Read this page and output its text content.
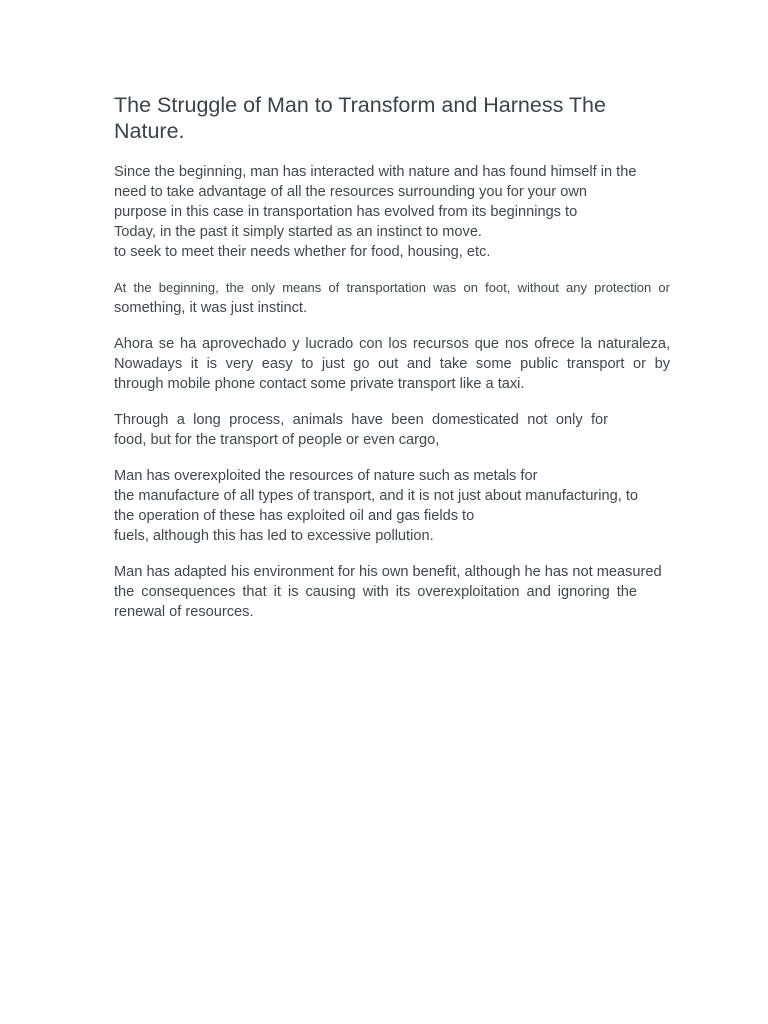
The Struggle of Man to Transform and Harness The Nature.

Since the beginning, man has interacted with nature and has found himself in the
need to take advantage of all the resources surrounding you for your own
purpose in this case in transportation has evolved from its beginnings to
Today, in the past it simply started as an instinct to move.
to seek to meet their needs whether for food, housing, etc.

At the beginning, the only means of transportation was on foot, without any protection or
something, it was just instinct.

Ahora se ha aprovechado y lucrado con los recursos que nos ofrece la naturaleza,
Nowadays it is very easy to just go out and take some public transport or by
through mobile phone contact some private transport like a taxi.

Through a long process, animals have been domesticated not only for
food, but for the transport of people or even cargo,

Man has overexploited the resources of nature such as metals for
the manufacture of all types of transport, and it is not just about manufacturing, to
the operation of these has exploited oil and gas fields to
fuels, although this has led to excessive pollution.

Man has adapted his environment for his own benefit, although he has not measured
the consequences that it is causing with its overexploitation and ignoring the
renewal of resources.
